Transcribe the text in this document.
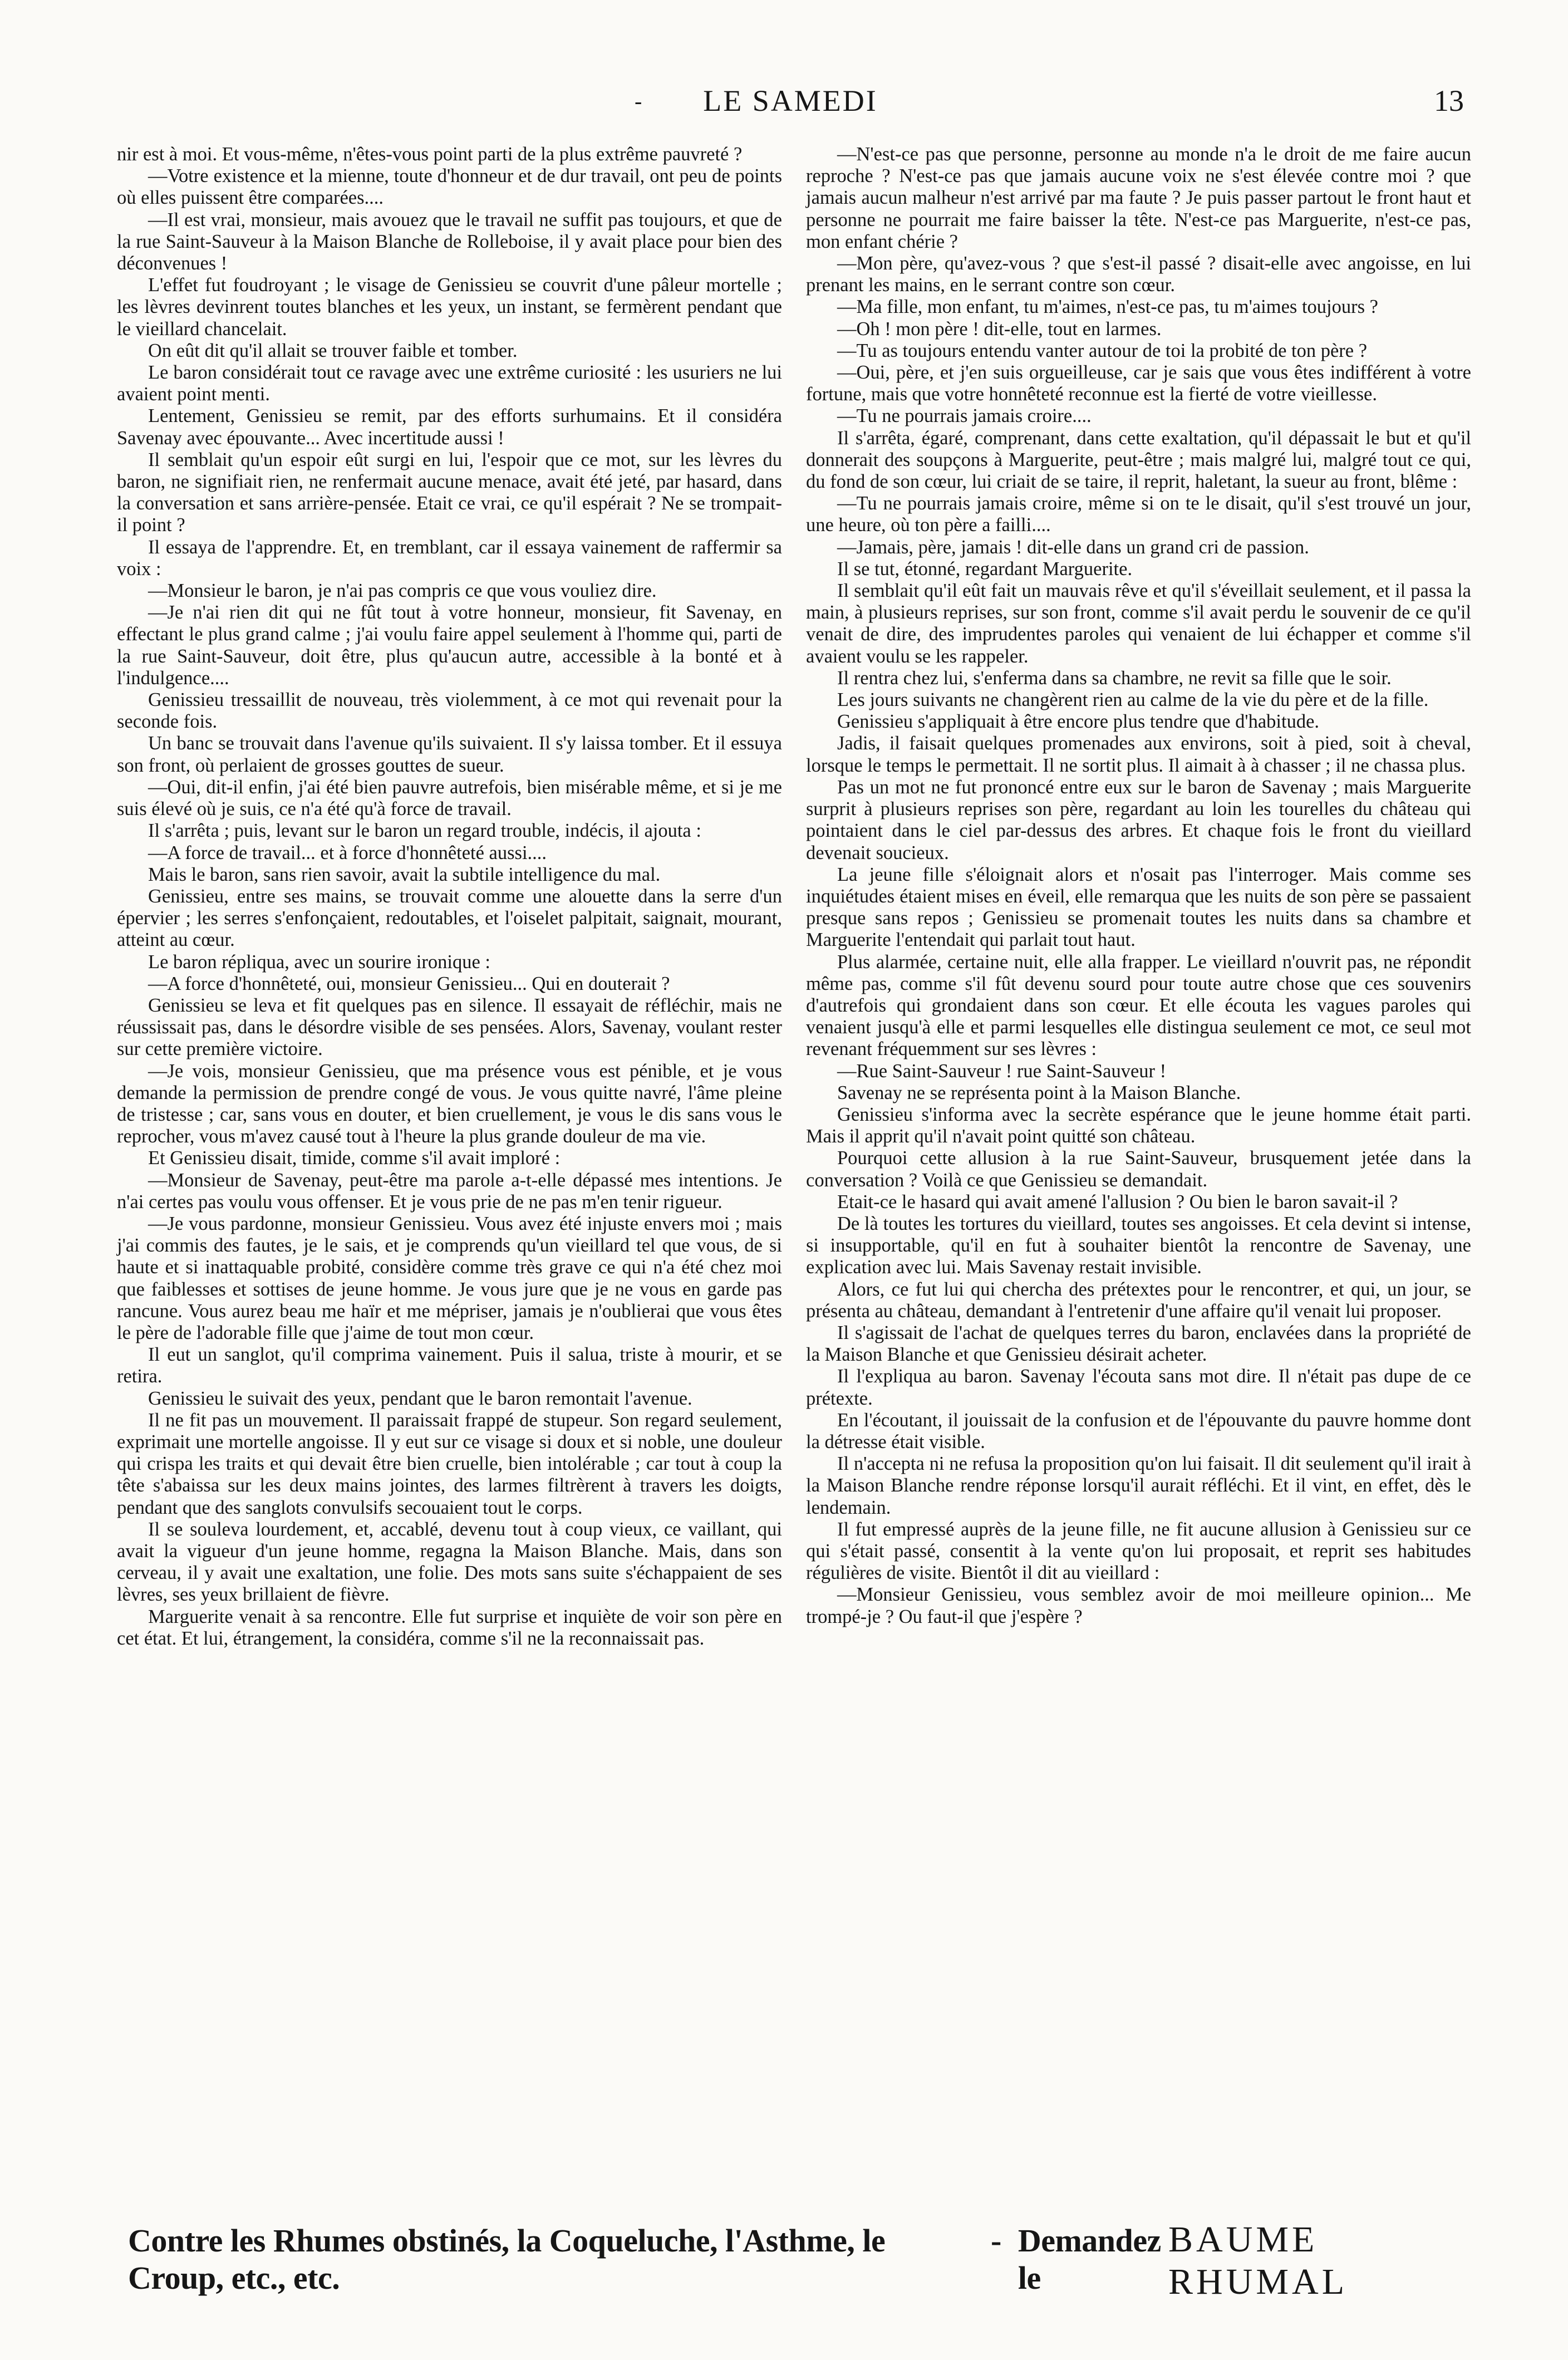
-	LE SAMEDI	13

nir est à moi. Et vous-même, n'êtes-vous point parti de la plus extrême pauvreté ?

—Votre existence et la mienne, toute d'honneur et de dur travail, ont peu de points où elles puissent être comparées....

—Il est vrai, monsieur, mais avouez que le travail ne suffit pas toujours, et que de la rue Saint-Sauveur à la Maison Blanche de Rolleboise, il y avait place pour bien des déconvenues !

L'effet fut foudroyant ; le visage de Genissieu se couvrit d'une pâleur mortelle ; les lèvres devinrent toutes blanches et les yeux, un instant, se fermèrent pendant que le vieillard chancelait.

On eût dit qu'il allait se trouver faible et tomber.

Le baron considérait tout ce ravage avec une extrême curiosité : les usuriers ne lui avaient point menti.

Lentement, Genissieu se remit, par des efforts surhumains. Et il considéra Savenay avec épouvante... Avec incertitude aussi !

Il semblait qu'un espoir eût surgi en lui, l'espoir que ce mot, sur les lèvres du baron, ne signifiait rien, ne renfermait aucune menace, avait été jeté, par hasard, dans la conversation et sans arrière-pensée. Etait ce vrai, ce qu'il espérait ? Ne se trompait-il point ?

Il essaya de l'apprendre. Et, en tremblant, car il essaya vainement de raffermir sa voix :

—Monsieur le baron, je n'ai pas compris ce que vous vouliez dire.

—Je n'ai rien dit qui ne fût tout à votre honneur, monsieur, fit Savenay, en effectant le plus grand calme ; j'ai voulu faire appel seulement à l'homme qui, parti de la rue Saint-Sauveur, doit être, plus qu'aucun autre, accessible à la bonté et à l'indulgence....

Genissieu tressaillit de nouveau, très violemment, à ce mot qui revenait pour la seconde fois.

Un banc se trouvait dans l'avenue qu'ils suivaient. Il s'y laissa tomber. Et il essuya son front, où perlaient de grosses gouttes de sueur.

—Oui, dit-il enfin, j'ai été bien pauvre autrefois, bien misérable même, et si je me suis élevé où je suis, ce n'a été qu'à force de travail.

Il s'arrêta ; puis, levant sur le baron un regard trouble, indécis, il ajouta :

—A force de travail... et à force d'honnêteté aussi....

Mais le baron, sans rien savoir, avait la subtile intelligence du mal.

Genissieu, entre ses mains, se trouvait comme une alouette dans la serre d'un épervier ; les serres s'enfonçaient, redoutables, et l'oiselet palpitait, saignait, mourant, atteint au cœur.

Le baron répliqua, avec un sourire ironique :

—A force d'honnêteté, oui, monsieur Genissieu... Qui en douterait ?

Genissieu se leva et fit quelques pas en silence. Il essayait de réfléchir, mais ne réussissait pas, dans le désordre visible de ses pensées. Alors, Savenay, voulant rester sur cette première victoire.

—Je vois, monsieur Genissieu, que ma présence vous est pénible, et je vous demande la permission de prendre congé de vous. Je vous quitte navré, l'âme pleine de tristesse ; car, sans vous en douter, et bien cruellement, je vous le dis sans vous le reprocher, vous m'avez causé tout à l'heure la plus grande douleur de ma vie.

Et Genissieu disait, timide, comme s'il avait imploré :

—Monsieur de Savenay, peut-être ma parole a-t-elle dépassé mes intentions. Je n'ai certes pas voulu vous offenser. Et je vous prie de ne pas m'en tenir rigueur.

—Je vous pardonne, monsieur Genissieu. Vous avez été injuste envers moi ; mais j'ai commis des fautes, je le sais, et je comprends qu'un vieillard tel que vous, de si haute et si inattaquable probité, considère comme très grave ce qui n'a été chez moi que faiblesses et sottises de jeune homme. Je vous jure que je ne vous en garde pas rancune. Vous aurez beau me haïr et me mépriser, jamais je n'oublierai que vous êtes le père de l'adorable fille que j'aime de tout mon cœur.

Il eut un sanglot, qu'il comprima vainement. Puis il salua, triste à mourir, et se retira.

Genissieu le suivait des yeux, pendant que le baron remontait l'avenue.

Il ne fit pas un mouvement. Il paraissait frappé de stupeur. Son regard seulement, exprimait une mortelle angoisse. Il y eut sur ce visage si doux et si noble, une douleur qui crispa les traits et qui devait être bien cruelle, bien intolérable ; car tout à coup la tête s'abaissa sur les deux mains jointes, des larmes filtrèrent à travers les doigts, pendant que des sanglots convulsifs secouaient tout le corps.

Il se souleva lourdement, et, accablé, devenu tout à coup vieux, ce vaillant, qui avait la vigueur d'un jeune homme, regagna la Maison Blanche. Mais, dans son cerveau, il y avait une exaltation, une folie. Des mots sans suite s'échappaient de ses lèvres, ses yeux brillaient de fièvre.

Marguerite venait à sa rencontre. Elle fut surprise et inquiète de voir son père en cet état. Et lui, étrangement, la considéra, comme s'il ne la reconnaissait pas.

—N'est-ce pas que personne, personne au monde n'a le droit de me faire aucun reproche ? N'est-ce pas que jamais aucune voix ne s'est élevée contre moi ? que jamais aucun malheur n'est arrivé par ma faute ? Je puis passer partout le front haut et personne ne pourrait me faire baisser la tête. N'est-ce pas Marguerite, n'est-ce pas, mon enfant chérie ?

—Mon père, qu'avez-vous ? que s'est-il passé ? disait-elle avec angoisse, en lui prenant les mains, en le serrant contre son cœur.

—Ma fille, mon enfant, tu m'aimes, n'est-ce pas, tu m'aimes toujours ?

—Oh ! mon père ! dit-elle, tout en larmes.

—Tu as toujours entendu vanter autour de toi la probité de ton père ?

—Oui, père, et j'en suis orgueilleuse, car je sais que vous êtes indifférent à votre fortune, mais que votre honnêteté reconnue est la fierté de votre vieillesse.

—Tu ne pourrais jamais croire....

Il s'arrêta, égaré, comprenant, dans cette exaltation, qu'il dépassait le but et qu'il donnerait des soupçons à Marguerite, peut-être ; mais malgré lui, malgré tout ce qui, du fond de son cœur, lui criait de se taire, il reprit, haletant, la sueur au front, blême :

—Tu ne pourrais jamais croire, même si on te le disait, qu'il s'est trouvé un jour, une heure, où ton père a failli....

—Jamais, père, jamais ! dit-elle dans un grand cri de passion.

Il se tut, étonné, regardant Marguerite.

Il semblait qu'il eût fait un mauvais rêve et qu'il s'éveillait seulement, et il passa la main, à plusieurs reprises, sur son front, comme s'il avait perdu le souvenir de ce qu'il venait de dire, des imprudentes paroles qui venaient de lui échapper et comme s'il avaient voulu se les rappeler.

Il rentra chez lui, s'enferma dans sa chambre, ne revit sa fille que le soir.

Les jours suivants ne changèrent rien au calme de la vie du père et de la fille.

Genissieu s'appliquait à être encore plus tendre que d'habitude.

Jadis, il faisait quelques promenades aux environs, soit à pied, soit à cheval, lorsque le temps le permettait. Il ne sortit plus. Il aimait à à chasser ; il ne chassa plus.

Pas un mot ne fut prononcé entre eux sur le baron de Savenay ; mais Marguerite surprit à plusieurs reprises son père, regardant au loin les tourelles du château qui pointaient dans le ciel par-dessus des arbres. Et chaque fois le front du vieillard devenait soucieux.

La jeune fille s'éloignait alors et n'osait pas l'interroger. Mais comme ses inquiétudes étaient mises en éveil, elle remarqua que les nuits de son père se passaient presque sans repos ; Genissieu se promenait toutes les nuits dans sa chambre et Marguerite l'entendait qui parlait tout haut.

Plus alarmée, certaine nuit, elle alla frapper. Le vieillard n'ouvrit pas, ne répondit même pas, comme s'il fût devenu sourd pour toute autre chose que ces souvenirs d'autrefois qui grondaient dans son cœur. Et elle écouta les vagues paroles qui venaient jusqu'à elle et parmi lesquelles elle distingua seulement ce mot, ce seul mot revenant fréquemment sur ses lèvres :

—Rue Saint-Sauveur ! rue Saint-Sauveur !

Savenay ne se représenta point à la Maison Blanche.

Genissieu s'informa avec la secrète espérance que le jeune homme était parti. Mais il apprit qu'il n'avait point quitté son château.

Pourquoi cette allusion à la rue Saint-Sauveur, brusquement jetée dans la conversation ? Voilà ce que Genissieu se demandait.

Etait-ce le hasard qui avait amené l'allusion ? Ou bien le baron savait-il ?

De là toutes les tortures du vieillard, toutes ses angoisses. Et cela devint si intense, si insupportable, qu'il en fut à souhaiter bientôt la rencontre de Savenay, une explication avec lui. Mais Savenay restait invisible.

Alors, ce fut lui qui chercha des prétextes pour le rencontrer, et qui, un jour, se présenta au château, demandant à l'entretenir d'une affaire qu'il venait lui proposer.

Il s'agissait de l'achat de quelques terres du baron, enclavées dans la propriété de la Maison Blanche et que Genissieu désirait acheter.

Il l'expliqua au baron. Savenay l'écouta sans mot dire. Il n'était pas dupe de ce prétexte.

En l'écoutant, il jouissait de la confusion et de l'épouvante du pauvre homme dont la détresse était visible.

Il n'accepta ni ne refusa la proposition qu'on lui faisait. Il dit seulement qu'il irait à la Maison Blanche rendre réponse lorsqu'il aurait réfléchi. Et il vint, en effet, dès le lendemain.

Il fut empressé auprès de la jeune fille, ne fit aucune allusion à Genissieu sur ce qui s'était passé, consentit à la vente qu'on lui proposait, et reprit ses habitudes régulières de visite. Bientôt il dit au vieillard :

—Monsieur Genissieu, vous semblez avoir de moi meilleure opinion... Me trompé-je ? Ou faut-il que j'espère ?

Contre les Rhumes obstinés, la Coqueluche, l'Asthme, le Croup, etc., etc.
- Demandez le
BAUME RHUMAL
